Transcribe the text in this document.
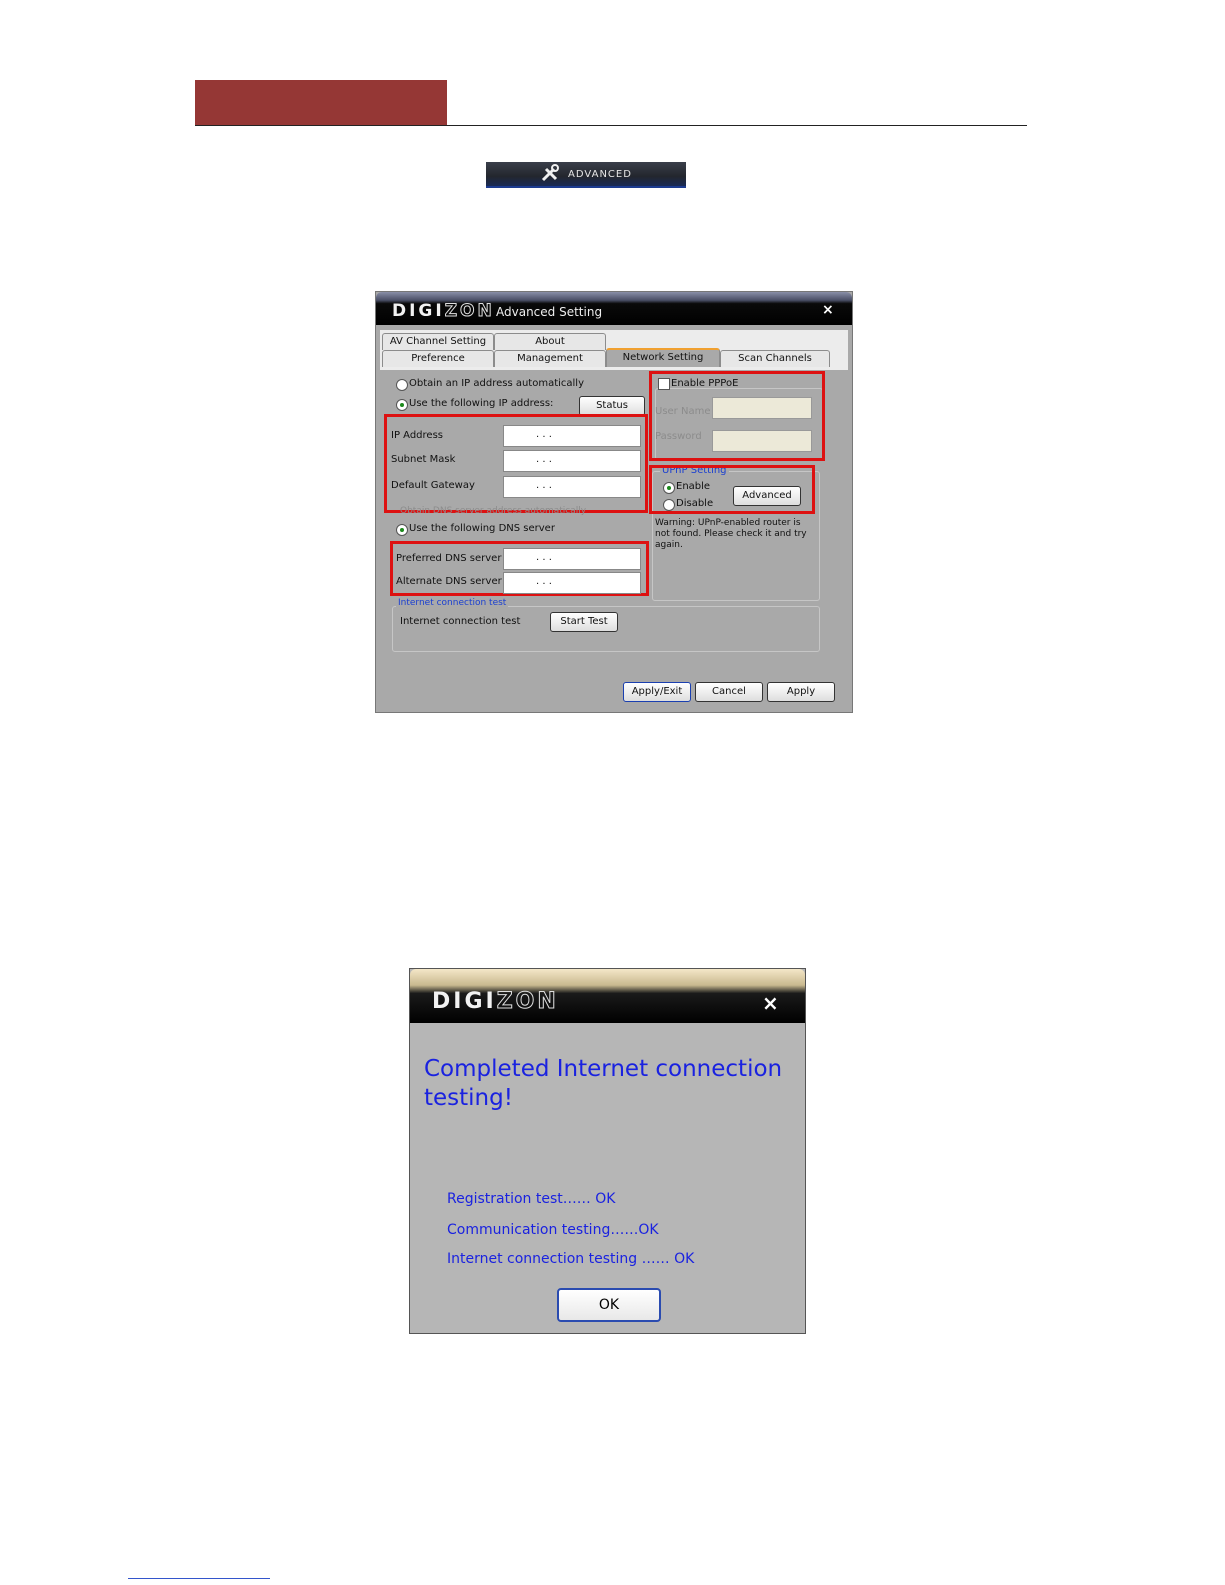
ADVANCED
DIGIZON Advanced Setting	×
AV Channel Setting	About
Preference	Management	Network Setting	Scan Channels
Obtain an IP address automatically
Use the following IP address:	Status
IP Address	. . .
Subnet Mask	. . .
Default Gateway	. . .
Obtain DNS server address automatically
Use the following DNS server
Preferred DNS server	. . .
Alternate DNS server	. . .
Enable PPPoE
User Name
Password
UPnP Setting
Enable
Disable
Advanced
Warning: UPnP-enabled router is not found. Please check it and try again.
Internet connection test
Internet connection test	Start Test
Apply/Exit	Cancel	Apply
DIGIZON	×
Completed Internet connection testing!
Registration test…… OK
Communication testing……OK
Internet connection testing …… OK
OK
